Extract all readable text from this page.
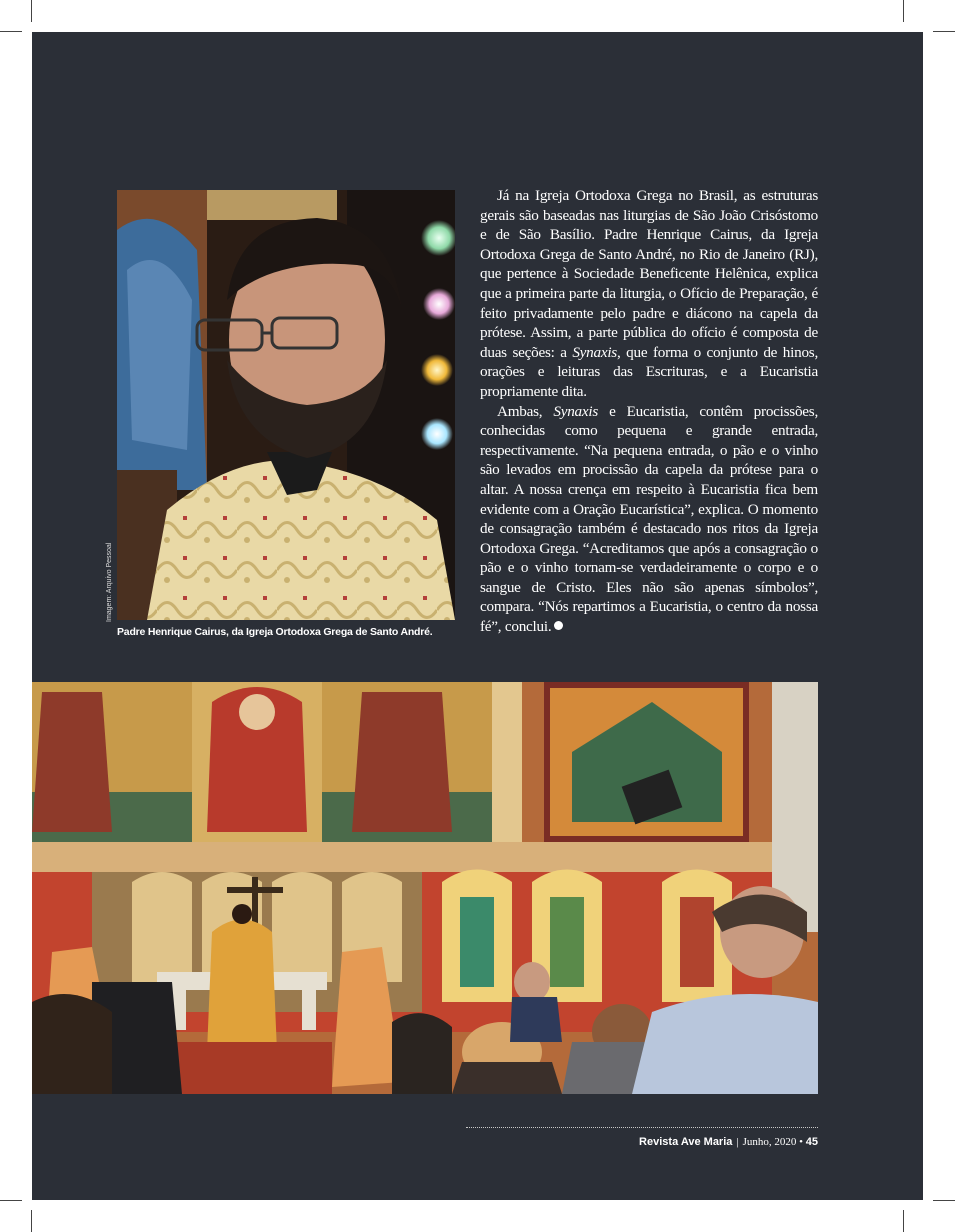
Imagem: Arquivo Pessoal
Padre Henrique Cairus, da Igreja Ortodoxa Grega de Santo André.

Já na Igreja Ortodoxa Grega no Brasil, as estruturas gerais são baseadas nas liturgias de São João Crisóstomo e de São Basílio. Padre Henrique Cairus, da Igreja Ortodoxa Grega de Santo André, no Rio de Janeiro (RJ), que pertence à Sociedade Beneficente Helênica, explica que a primeira parte da liturgia, o Ofício de Preparação, é feito privadamente pelo padre e diácono na capela da prótese. Assim, a parte pública do ofício é composta de duas seções: a Synaxis, que forma o conjunto de hinos, orações e leituras das Escrituras, e a Eucaristia propriamente dita.

Ambas, Synaxis e Eucaristia, contêm procissões, conhecidas como pequena e grande entrada, respectivamente. “Na pequena entrada, o pão e o vinho são levados em procissão da capela da prótese para o altar. A nossa crença em respeito à Eucaristia fica bem evidente com a Oração Eucarística”, explica. O momento de consagração também é destacado nos ritos da Igreja Ortodoxa Grega. “Acreditamos que após a consagração o pão e o vinho tornam-se verdadeiramente o corpo e o sangue de Cristo. Eles não são apenas símbolos”, compara. “Nós repartimos a Eucaristia, o centro da nossa fé”, conclui.

Revista Ave Maria | Junho, 2020 • 45
